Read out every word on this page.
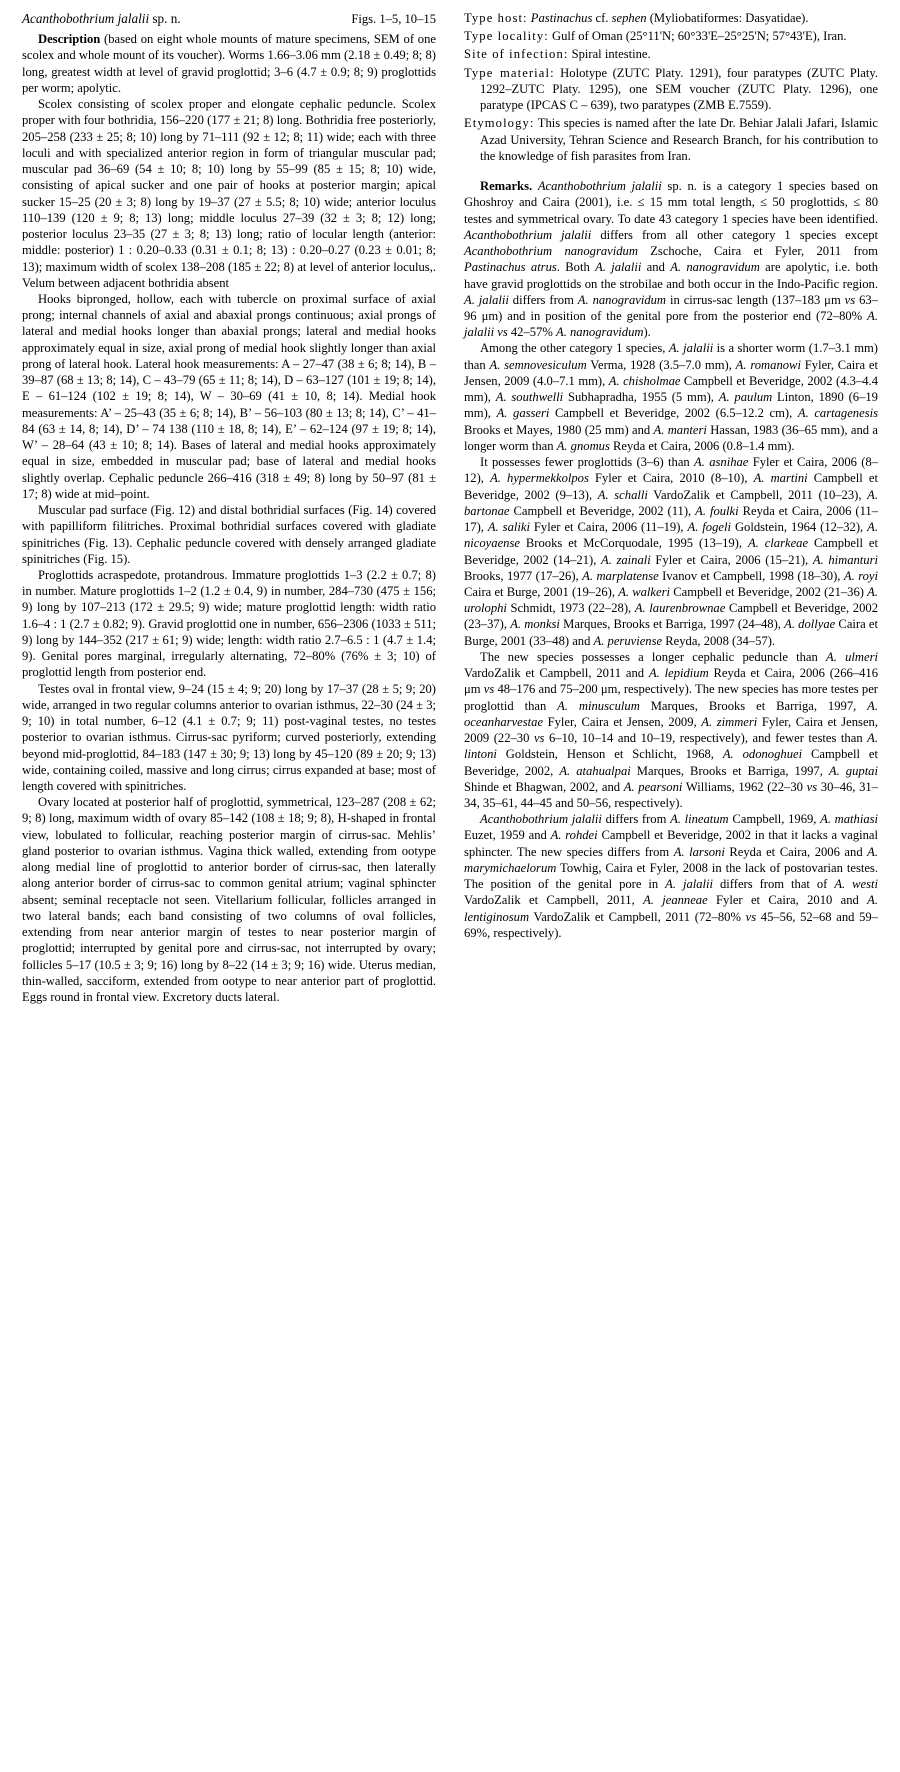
Acanthobothrium jalalii sp. n.	Figs. 1–5, 10–15

Description (based on eight whole mounts of mature specimens, SEM of one scolex and whole mount of its voucher). Worms 1.66–3.06 mm (2.18 ± 0.49; 8; 8) long, greatest width at level of gravid proglottid; 3–6 (4.7 ± 0.9; 8; 9) proglottids per worm; apolytic.

Scolex consisting of scolex proper and elongate cephalic peduncle. Scolex proper with four bothridia, 156–220 (177 ± 21; 8) long. Bothridia free posteriorly, 205–258 (233 ± 25; 8; 10) long by 71–111 (92 ± 12; 8; 11) wide; each with three loculi and with specialized anterior region in form of triangular muscular pad; muscular pad 36–69 (54 ± 10; 8; 10) long by 55–99 (85 ± 15; 8; 10) wide, consisting of apical sucker and one pair of hooks at posterior margin; apical sucker 15–25 (20 ± 3; 8) long by 19–37 (27 ± 5.5; 8; 10) wide; anterior loculus 110–139 (120 ± 9; 8; 13) long; middle loculus 27–39 (32 ± 3; 8; 12) long; posterior loculus 23–35 (27 ± 3; 8; 13) long; ratio of locular length (anterior: middle: posterior) 1 : 0.20–0.33 (0.31 ± 0.1; 8; 13) : 0.20–0.27 (0.23 ± 0.01; 8; 13); maximum width of scolex 138–208 (185 ± 22; 8) at level of anterior loculus,. Velum between adjacent bothridia absent

Hooks bipronged, hollow, each with tubercle on proximal surface of axial prong; internal channels of axial and abaxial prongs continuous; axial prongs of lateral and medial hooks longer than abaxial prongs; lateral and medial hooks approximately equal in size, axial prong of medial hook slightly longer than axial prong of lateral hook. Lateral hook measurements: A – 27–47 (38 ± 6; 8; 14), B – 39–87 (68 ± 13; 8; 14), C – 43–79 (65 ± 11; 8; 14), D – 63–127 (101 ± 19; 8; 14), E – 61–124 (102 ± 19; 8; 14), W – 30–69 (41 ± 10, 8; 14). Medial hook measurements: A’ – 25–43 (35 ± 6; 8; 14), B’ – 56–103 (80 ± 13; 8; 14), C’ – 41–84 (63 ± 14, 8; 14), D’ – 74 138 (110 ± 18, 8; 14), E’ – 62–124 (97 ± 19; 8; 14), W’ – 28–64 (43 ± 10; 8; 14). Bases of lateral and medial hooks approximately equal in size, embedded in muscular pad; base of lateral and medial hooks slightly overlap. Cephalic peduncle 266–416 (318 ± 49; 8) long by 50–97 (81 ± 17; 8) wide at mid–point.

Muscular pad surface (Fig. 12) and distal bothridial surfaces (Fig. 14) covered with papilliform filitriches. Proximal bothridial surfaces covered with gladiate spinitriches (Fig. 13). Cephalic peduncle covered with densely arranged gladiate spinitriches (Fig. 15).

Proglottids acraspedote, protandrous. Immature proglottids 1–3 (2.2 ± 0.7; 8) in number. Mature proglottids 1–2 (1.2 ± 0.4, 9) in number, 284–730 (475 ± 156; 9) long by 107–213 (172 ± 29.5; 9) wide; mature proglottid length: width ratio 1.6–4 : 1 (2.7 ± 0.82; 9). Gravid proglottid one in number, 656–2306 (1033 ± 511; 9) long by 144–352 (217 ± 61; 9) wide; length: width ratio 2.7–6.5 : 1 (4.7 ± 1.4; 9). Genital pores marginal, irregularly alternating, 72–80% (76% ± 3; 10) of proglottid length from posterior end.

Testes oval in frontal view, 9–24 (15 ± 4; 9; 20) long by 17–37 (28 ± 5; 9; 20) wide, arranged in two regular columns anterior to ovarian isthmus, 22–30 (24 ± 3; 9; 10) in total number, 6–12 (4.1 ± 0.7; 9; 11) post-vaginal testes, no testes posterior to ovarian isthmus. Cirrus-sac pyriform; curved posteriorly, extending beyond mid-proglottid, 84–183 (147 ± 30; 9; 13) long by 45–120 (89 ± 20; 9; 13) wide, containing coiled, massive and long cirrus; cirrus expanded at base; most of length covered with spinitriches.

Ovary located at posterior half of proglottid, symmetrical, 123–287 (208 ± 62; 9; 8) long, maximum width of ovary 85–142 (108 ± 18; 9; 8), H-shaped in frontal view, lobulated to follicular, reaching posterior margin of cirrus-sac. Mehlis’ gland posterior to ovarian isthmus. Vagina thick walled, extending from ootype along medial line of proglottid to anterior border of cirrus-sac, then laterally along anterior border of cirrus-sac to common genital atrium; vaginal sphincter absent; seminal receptacle not seen. Vitellarium follicular, follicles arranged in two lateral bands; each band consisting of two columns of oval follicles, extending from near anterior margin of testes to near posterior margin of proglottid; interrupted by genital pore and cirrus-sac, not interrupted by ovary; follicles 5–17 (10.5 ± 3; 9; 16) long by 8–22 (14 ± 3; 9; 16) wide. Uterus median, thin-walled, sacciform, extended from ootype to near anterior part of proglottid. Eggs round in frontal view. Excretory ducts lateral.

Type host: Pastinachus cf. sephen (Myliobatiformes: Dasyatidae).

Type locality: Gulf of Oman (25°11'N; 60°33'E–25°25'N; 57°43'E), Iran.

Site of infection: Spiral intestine.

Type material: Holotype (ZUTC Platy. 1291), four paratypes (ZUTC Platy. 1292–ZUTC Platy. 1295), one SEM voucher (ZUTC Platy. 1296), one paratype (IPCAS C – 639), two paratypes (ZMB E.7559).

Etymology: This species is named after the late Dr. Behiar Jalali Jafari, Islamic Azad University, Tehran Science and Research Branch, for his contribution to the knowledge of fish parasites from Iran.

Remarks. Acanthobothrium jalalii sp. n. is a category 1 species based on Ghoshroy and Caira (2001), i.e. ≤ 15 mm total length, ≤ 50 proglottids, ≤ 80 testes and symmetrical ovary. To date 43 category 1 species have been identified. Acanthobothrium jalalii differs from all other category 1 species except Acanthobothrium nanogravidum Zschoche, Caira et Fyler, 2011 from Pastinachus atrus. Both A. jalalii and A. nanogravidum are apolytic, i.e. both have gravid proglottids on the strobilae and both occur in the Indo-Pacific region. A. jalalii differs from A. nanogravidum in cirrus-sac length (137–183 μm vs 63–96 μm) and in position of the genital pore from the posterior end (72–80% A. jalalii vs 42–57% A. nanogravidum).

Among the other category 1 species, A. jalalii is a shorter worm (1.7–3.1 mm) than A. semnovesiculum Verma, 1928 (3.5–7.0 mm), A. romanowi Fyler, Caira et Jensen, 2009 (4.0–7.1 mm), A. chisholmae Campbell et Beveridge, 2002 (4.3–4.4 mm), A. southwelli Subhapradha, 1955 (5 mm), A. paulum Linton, 1890 (6–19 mm), A. gasseri Campbell et Beveridge, 2002 (6.5–12.2 cm), A. cartagenesis Brooks et Mayes, 1980 (25 mm) and A. manteri Hassan, 1983 (36–65 mm), and a longer worm than A. gnomus Reyda et Caira, 2006 (0.8–1.4 mm).

It possesses fewer proglottids (3–6) than A. asnihae Fyler et Caira, 2006 (8–12), A. hypermekkolpos Fyler et Caira, 2010 (8–10), A. martini Campbell et Beveridge, 2002 (9–13), A. schalli VardoZalik et Campbell, 2011 (10–23), A. bartonae Campbell et Beveridge, 2002 (11), A. foulki Reyda et Caira, 2006 (11–17), A. saliki Fyler et Caira, 2006 (11–19), A. fogeli Goldstein, 1964 (12–32), A. nicoyaense Brooks et McCorquodale, 1995 (13–19), A. clarkeae Campbell et Beveridge, 2002 (14–21), A. zainali Fyler et Caira, 2006 (15–21), A. himanturi Brooks, 1977 (17–26), A. marplatense Ivanov et Campbell, 1998 (18–30), A. royi Caira et Burge, 2001 (19–26), A. walkeri Campbell et Beveridge, 2002 (21–36) A. urolophi Schmidt, 1973 (22–28), A. laurenbrownae Campbell et Beveridge, 2002 (23–37), A. monksi Marques, Brooks et Barriga, 1997 (24–48), A. dollyae Caira et Burge, 2001 (33–48) and A. peruviense Reyda, 2008 (34–57).

The new species possesses a longer cephalic peduncle than A. ulmeri VardoZalik et Campbell, 2011 and A. lepidium Reyda et Caira, 2006 (266–416 μm vs 48–176 and 75–200 μm, respectively). The new species has more testes per proglottid than A. minusculum Marques, Brooks et Barriga, 1997, A. oceanharvestae Fyler, Caira et Jensen, 2009, A. zimmeri Fyler, Caira et Jensen, 2009 (22–30 vs 6–10, 10–14 and 10–19, respectively), and fewer testes than A. lintoni Goldstein, Henson et Schlicht, 1968, A. odonoghuei Campbell et Beveridge, 2002, A. atahualpai Marques, Brooks et Barriga, 1997, A. guptai Shinde et Bhagwan, 2002, and A. pearsoni Williams, 1962 (22–30 vs 30–46, 31–34, 35–61, 44–45 and 50–56, respectively).

Acanthobothrium jalalii differs from A. lineatum Campbell, 1969, A. mathiasi Euzet, 1959 and A. rohdei Campbell et Beveridge, 2002 in that it lacks a vaginal sphincter. The new species differs from A. larsoni Reyda et Caira, 2006 and A. marymichaelorum Towhig, Caira et Fyler, 2008 in the lack of postovarian testes. The position of the genital pore in A. jalalii differs from that of A. westi VardoZalik et Campbell, 2011, A. jeanneae Fyler et Caira, 2010 and A. lentiginosum VardoZalik et Campbell, 2011 (72–80% vs 45–56, 52–68 and 59–69%, respectively).
